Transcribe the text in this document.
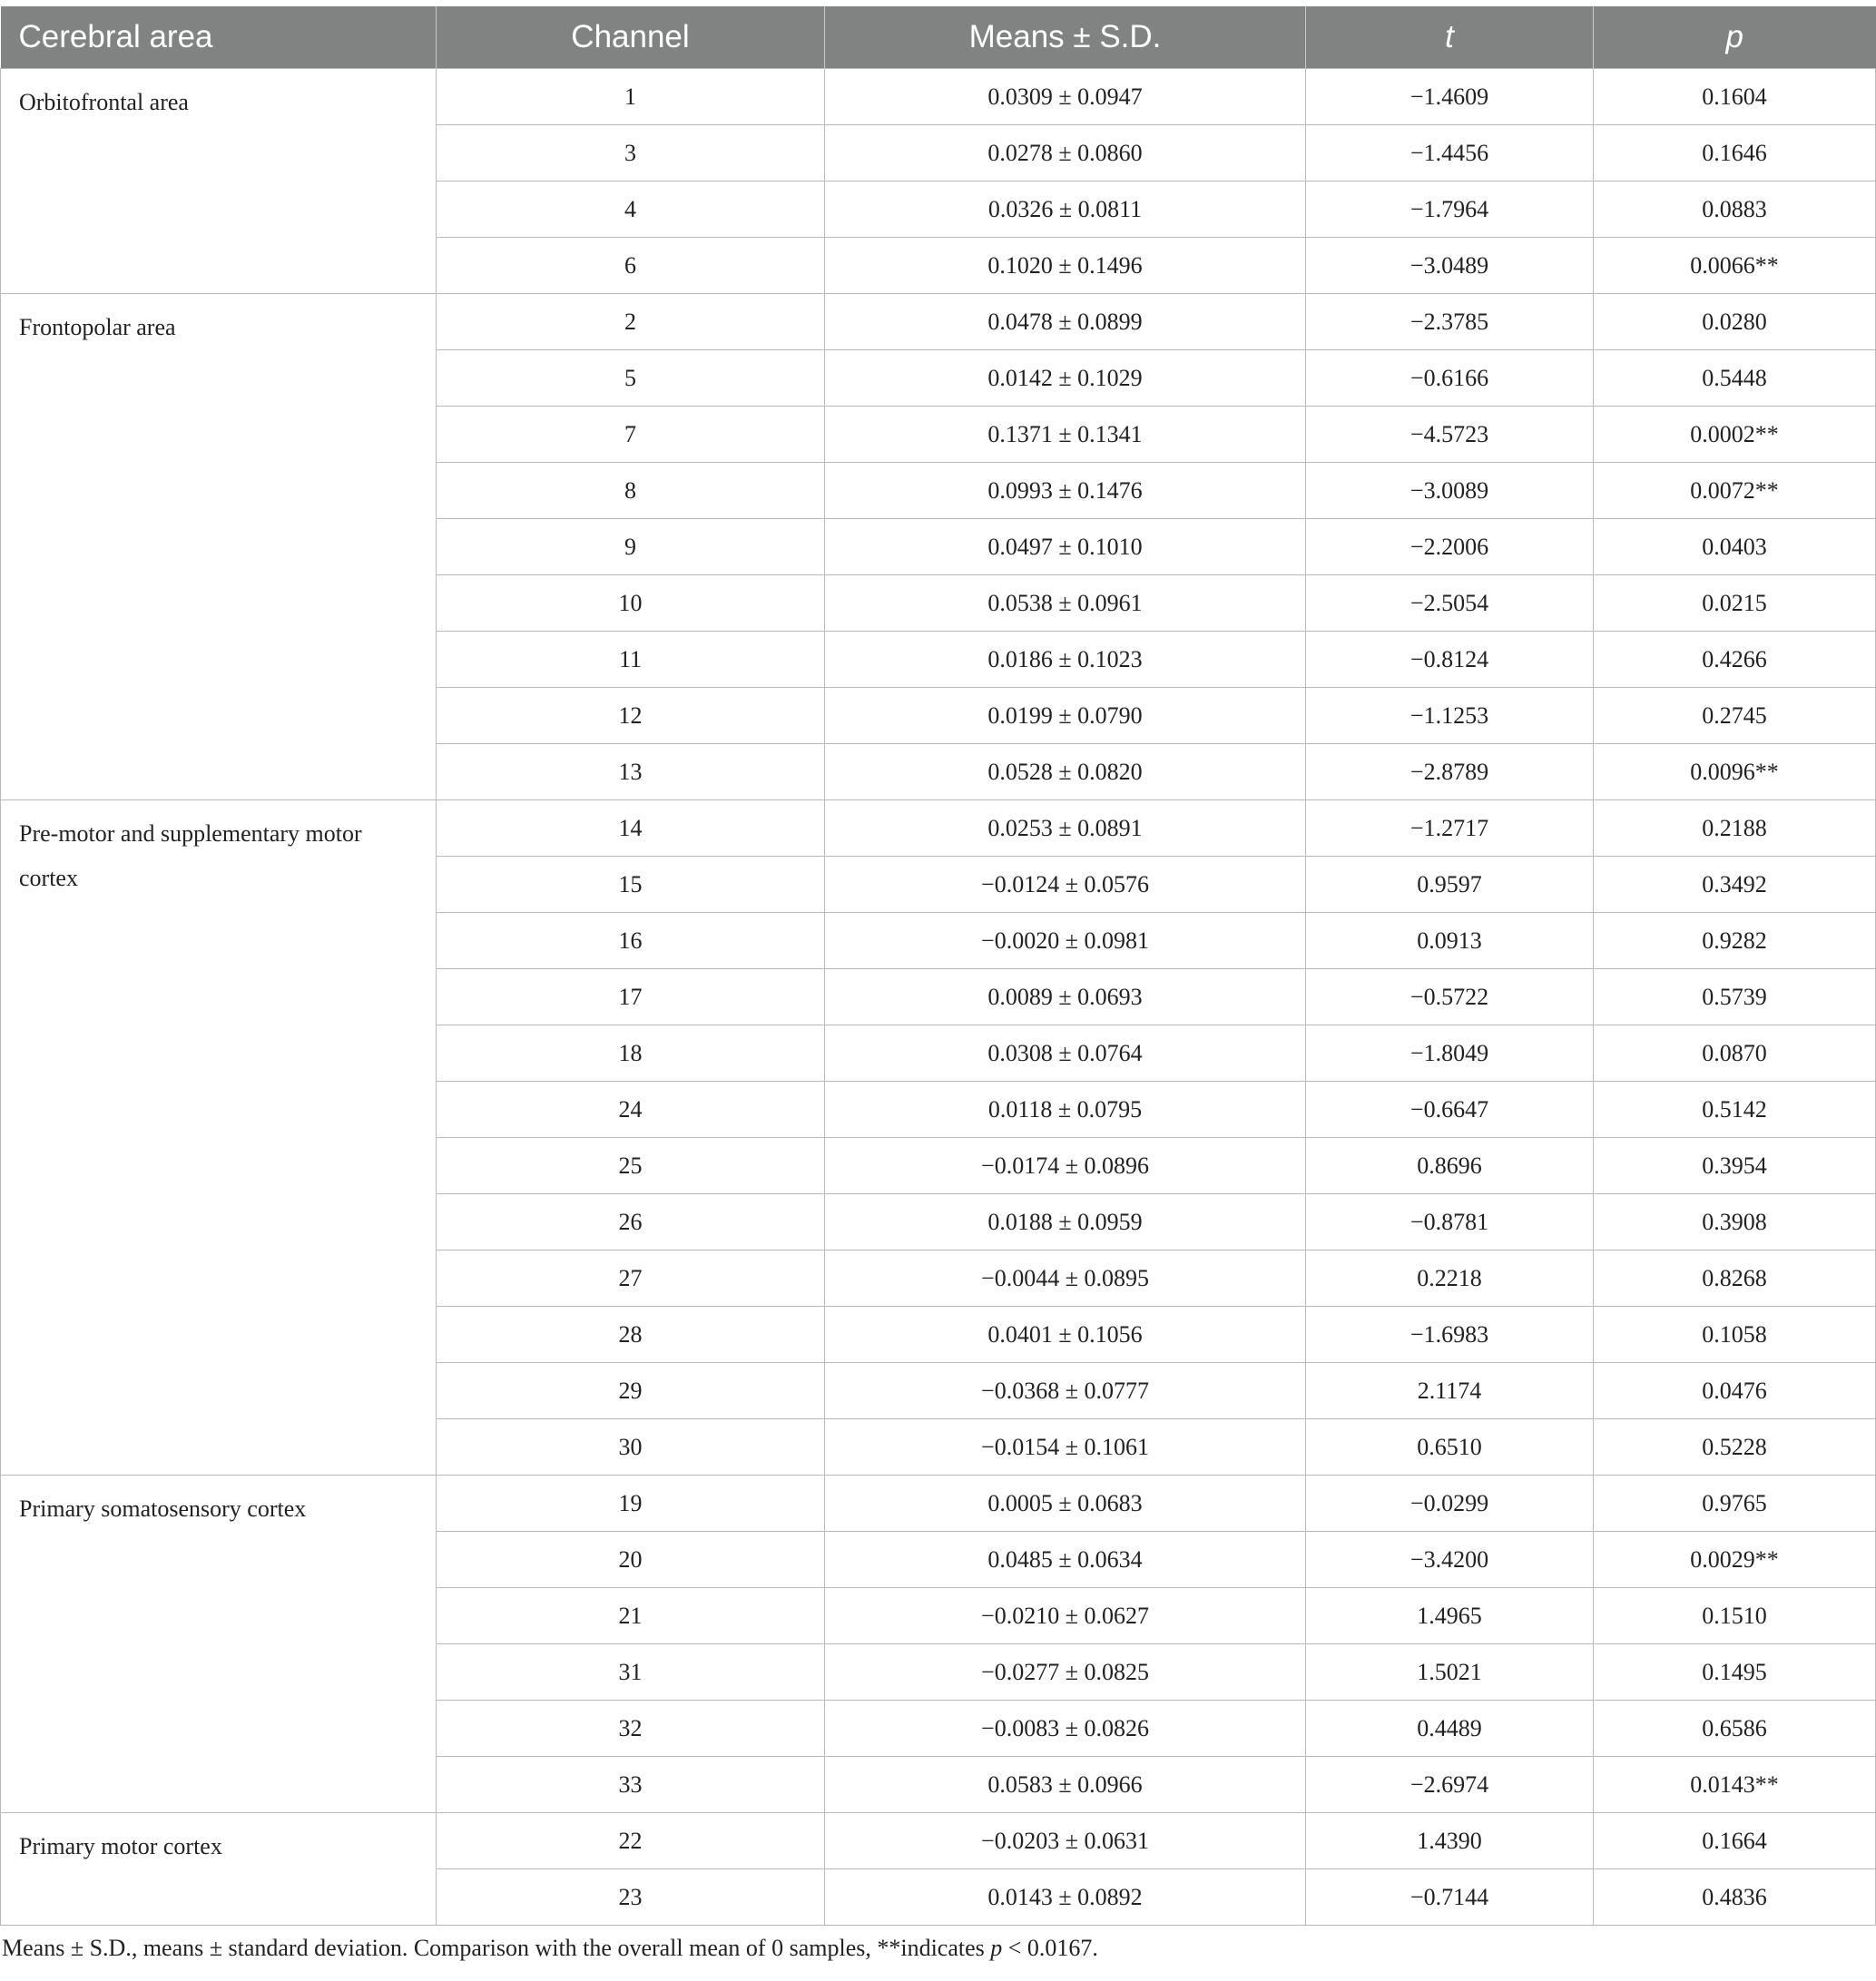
Cerebral area	Channel	Means ± S.D.	t	p
Orbitofrontal area	1	0.0309 ± 0.0947	−1.4609	0.1604
	3	0.0278 ± 0.0860	−1.4456	0.1646
	4	0.0326 ± 0.0811	−1.7964	0.0883
	6	0.1020 ± 0.1496	−3.0489	0.0066**
Frontopolar area	2	0.0478 ± 0.0899	−2.3785	0.0280
	5	0.0142 ± 0.1029	−0.6166	0.5448
	7	0.1371 ± 0.1341	−4.5723	0.0002**
	8	0.0993 ± 0.1476	−3.0089	0.0072**
	9	0.0497 ± 0.1010	−2.2006	0.0403
	10	0.0538 ± 0.0961	−2.5054	0.0215
	11	0.0186 ± 0.1023	−0.8124	0.4266
	12	0.0199 ± 0.0790	−1.1253	0.2745
	13	0.0528 ± 0.0820	−2.8789	0.0096**
Pre-motor and supplementary motor cortex	14	0.0253 ± 0.0891	−1.2717	0.2188
	15	−0.0124 ± 0.0576	0.9597	0.3492
	16	−0.0020 ± 0.0981	0.0913	0.9282
	17	0.0089 ± 0.0693	−0.5722	0.5739
	18	0.0308 ± 0.0764	−1.8049	0.0870
	24	0.0118 ± 0.0795	−0.6647	0.5142
	25	−0.0174 ± 0.0896	0.8696	0.3954
	26	0.0188 ± 0.0959	−0.8781	0.3908
	27	−0.0044 ± 0.0895	0.2218	0.8268
	28	0.0401 ± 0.1056	−1.6983	0.1058
	29	−0.0368 ± 0.0777	2.1174	0.0476
	30	−0.0154 ± 0.1061	0.6510	0.5228
Primary somatosensory cortex	19	0.0005 ± 0.0683	−0.0299	0.9765
	20	0.0485 ± 0.0634	−3.4200	0.0029**
	21	−0.0210 ± 0.0627	1.4965	0.1510
	31	−0.0277 ± 0.0825	1.5021	0.1495
	32	−0.0083 ± 0.0826	0.4489	0.6586
	33	0.0583 ± 0.0966	−2.6974	0.0143**
Primary motor cortex	22	−0.0203 ± 0.0631	1.4390	0.1664
	23	0.0143 ± 0.0892	−0.7144	0.4836
Means ± S.D., means ± standard deviation. Comparison with the overall mean of 0 samples, **indicates p < 0.0167.
